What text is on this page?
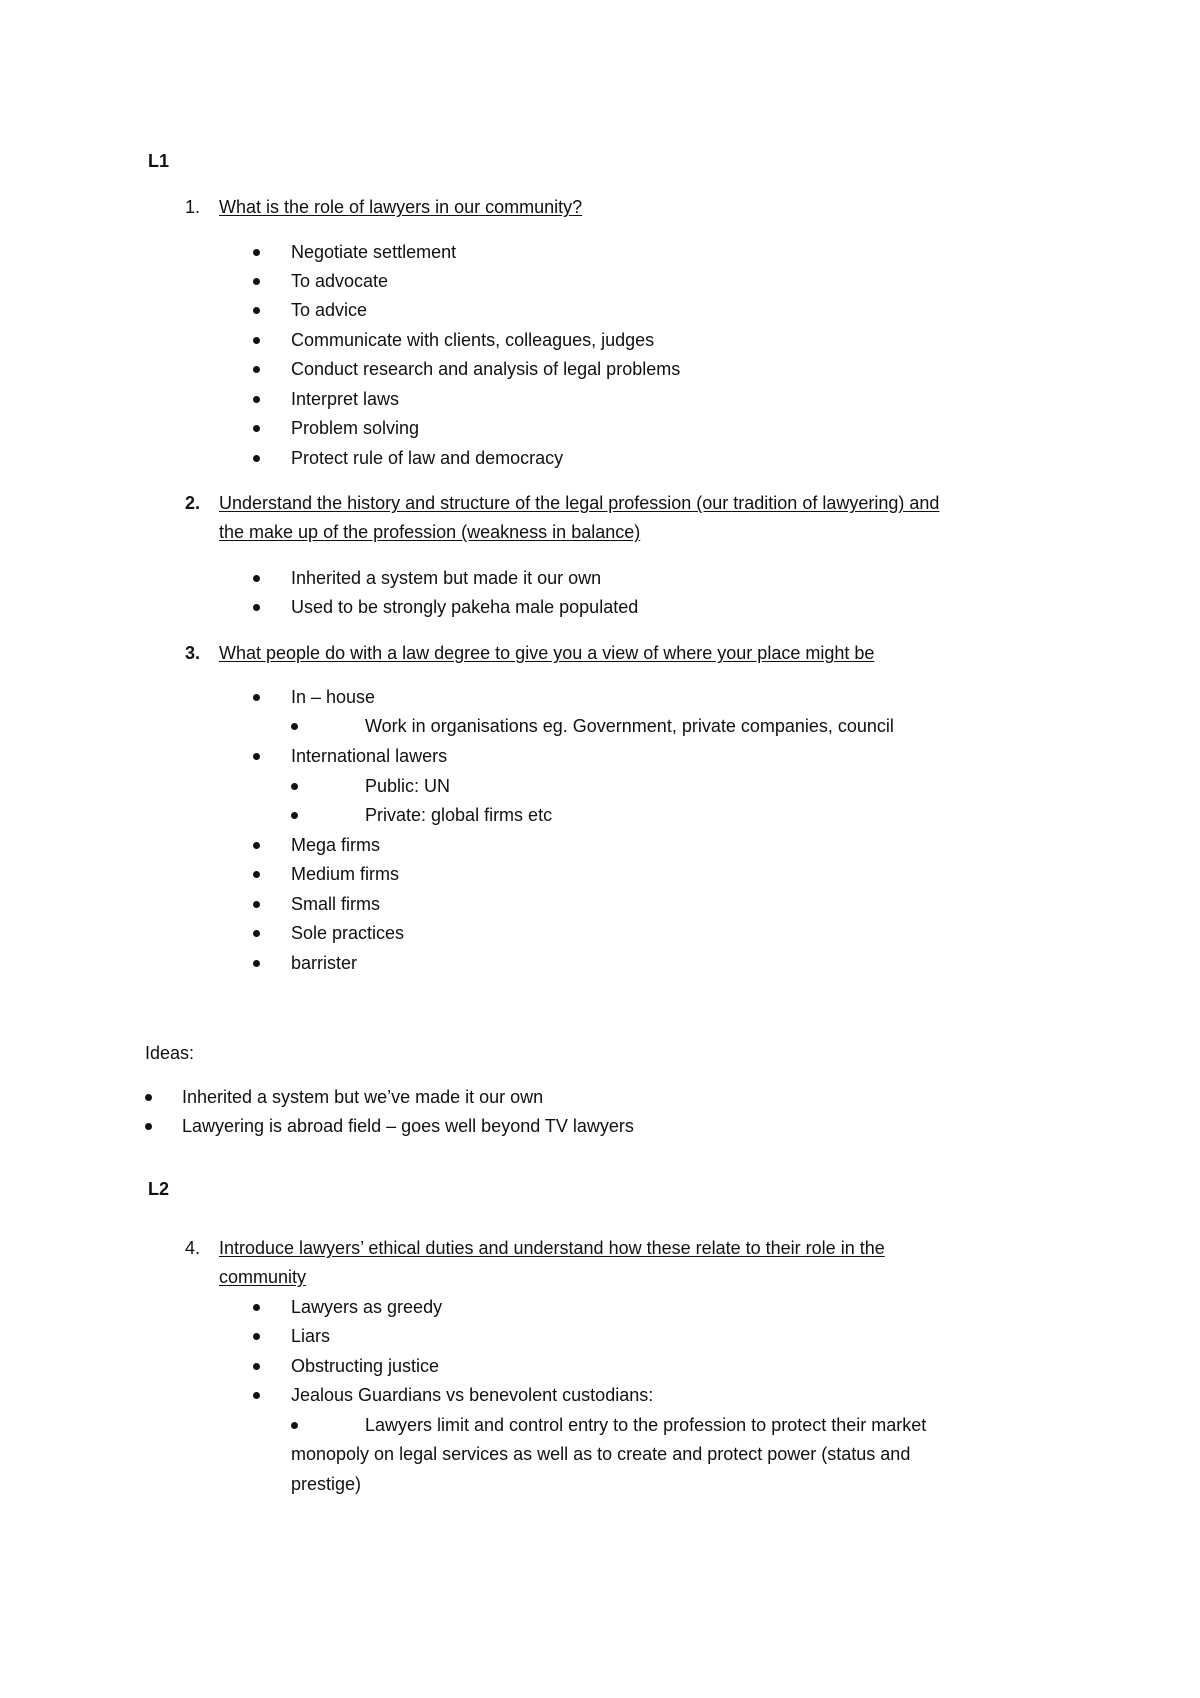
L1
1. What is the role of lawyers in our community?
Negotiate settlement
To advocate
To advice
Communicate with clients, colleagues, judges
Conduct research and analysis of legal problems
Interpret laws
Problem solving
Protect rule of law and democracy
2. Understand the history and structure of the legal profession (our tradition of lawyering) and
the make up of the profession (weakness in balance)
Inherited a system but made it our own
Used to be strongly pakeha male populated
3. What people do with a law degree to give you a view of where your place might be
In – house
Work in organisations eg. Government, private companies, council
International lawers
Public: UN
Private: global firms etc
Mega firms
Medium firms
Small firms
Sole practices
barrister
Ideas:
Inherited a system but we’ve made it our own
Lawyering is abroad field – goes well beyond TV lawyers
L2
4. Introduce lawyers’ ethical duties and understand how these relate to their role in the
community
Lawyers as greedy
Liars
Obstructing justice
Jealous Guardians vs benevolent custodians:
Lawyers limit and control entry to the profession to protect their market
monopoly on legal services as well as to create and protect power (status and
prestige)
